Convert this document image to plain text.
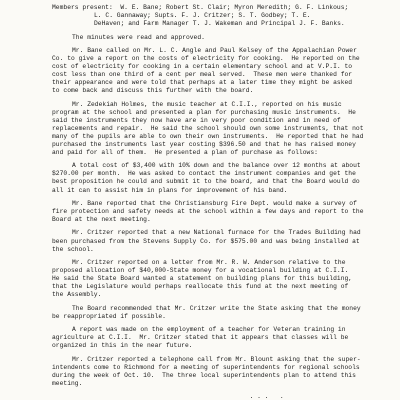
Members present:  W. E. Bane; Robert St. Clair; Myron Meredith; G. F. Linkous;
L. C. Gannaway; Supts. F. J. Critzer; S. T. Godbey; T. E.
DeHaven; and Farm Manager T. J. Wakeman and Principal J. F. Banks.
The minutes were read and approved.
Mr. Bane called on Mr. L. C. Angle and Paul Kelsey of the Appalachian Power
Co. to give a report on the costs of electricity for cooking.  He reported on the
cost of electricity for cooking in a certain elementary school and at V.P.I. to
cost less than one third of a cent per meal served.  These men were thanked for
their appearance and were told that perhaps at a later time they might be asked
to come back and discuss this further with the board.
Mr. Zedekiah Holmes, the music teacher at C.I.I., reported on his music
program at the school and presented a plan for purchasing music instruments.  He
said the instruments they now have are in very poor condition and in need of
replacements and repair.  He said the school should own some instruments, that not
many of the pupils are able to own their own instruments.  He reported that he had
purchased the instruments last year costing $396.50 and that he has raised money
and paid for all of them.  He presented a plan of purchase as follows:
A total cost of $3,400 with 10% down and the balance over 12 months at about
$270.00 per month.  He was asked to contact the instrument companies and get the
best proposition he could and submit it to the board, and that the Board would do
all it can to assist him in plans for improvement of his band.
Mr. Bane reported that the Christiansburg Fire Dept. would make a survey of
fire protection and safety needs at the school within a few days and report to the
Board at the next meeting.
Mr. Critzer reported that a new National furnace for the Trades Building had
been purchased from the Stevens Supply Co. for $575.00 and was being installed at
the school.
Mr. Critzer reported on a letter from Mr. R. W. Anderson relative to the
proposed allocation of $40,000-State money for a vocational building at C.I.I.
He said the State Board wanted a statement on building plans for this building,
that the Legislature would perhaps reallocate this fund at the next meeting of
the Assembly.
The Board recommended that Mr. Critzer write the State asking that the money
be reappropriated if possible.
A report was made on the employment of a teacher for Veteran training in
agriculture at C.I.I.  Mr. Critzer stated that it appears that classes will be
organized in this in the near future.
Mr. Critzer reported a telephone call from Mr. Blount asking that the super-
intendents come to Richmond for a meeting of superintendents for regional schools
during the week of Oct. 10.  The three local superintendents plan to attend this
meeting.
. . .   .
